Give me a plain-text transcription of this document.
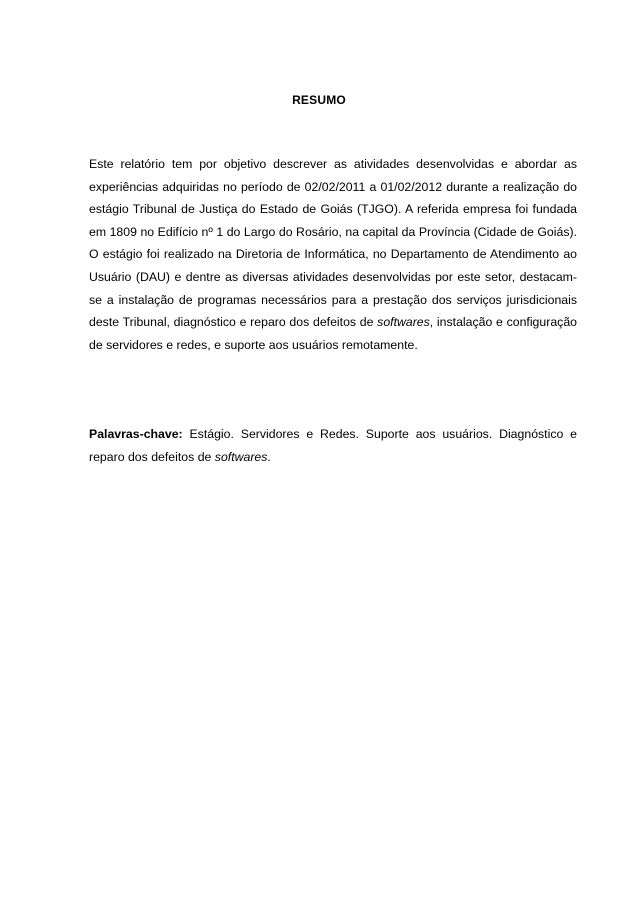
RESUMO

Este relatório tem por objetivo descrever as atividades desenvolvidas e abordar as experiências adquiridas no período de 02/02/2011 a 01/02/2012 durante a realização do estágio Tribunal de Justiça do Estado de Goiás (TJGO). A referida empresa foi fundada em 1809 no Edifício nº 1 do Largo do Rosário, na capital da Província (Cidade de Goiás). O estágio foi realizado na Diretoria de Informática, no Departamento de Atendimento ao Usuário (DAU) e dentre as diversas atividades desenvolvidas por este setor, destacam-se a instalação de programas necessários para a prestação dos serviços jurisdicionais deste Tribunal, diagnóstico e reparo dos defeitos de softwares, instalação e configuração de servidores e redes, e suporte aos usuários remotamente.

Palavras-chave: Estágio. Servidores e Redes. Suporte aos usuários. Diagnóstico e reparo dos defeitos de softwares.
